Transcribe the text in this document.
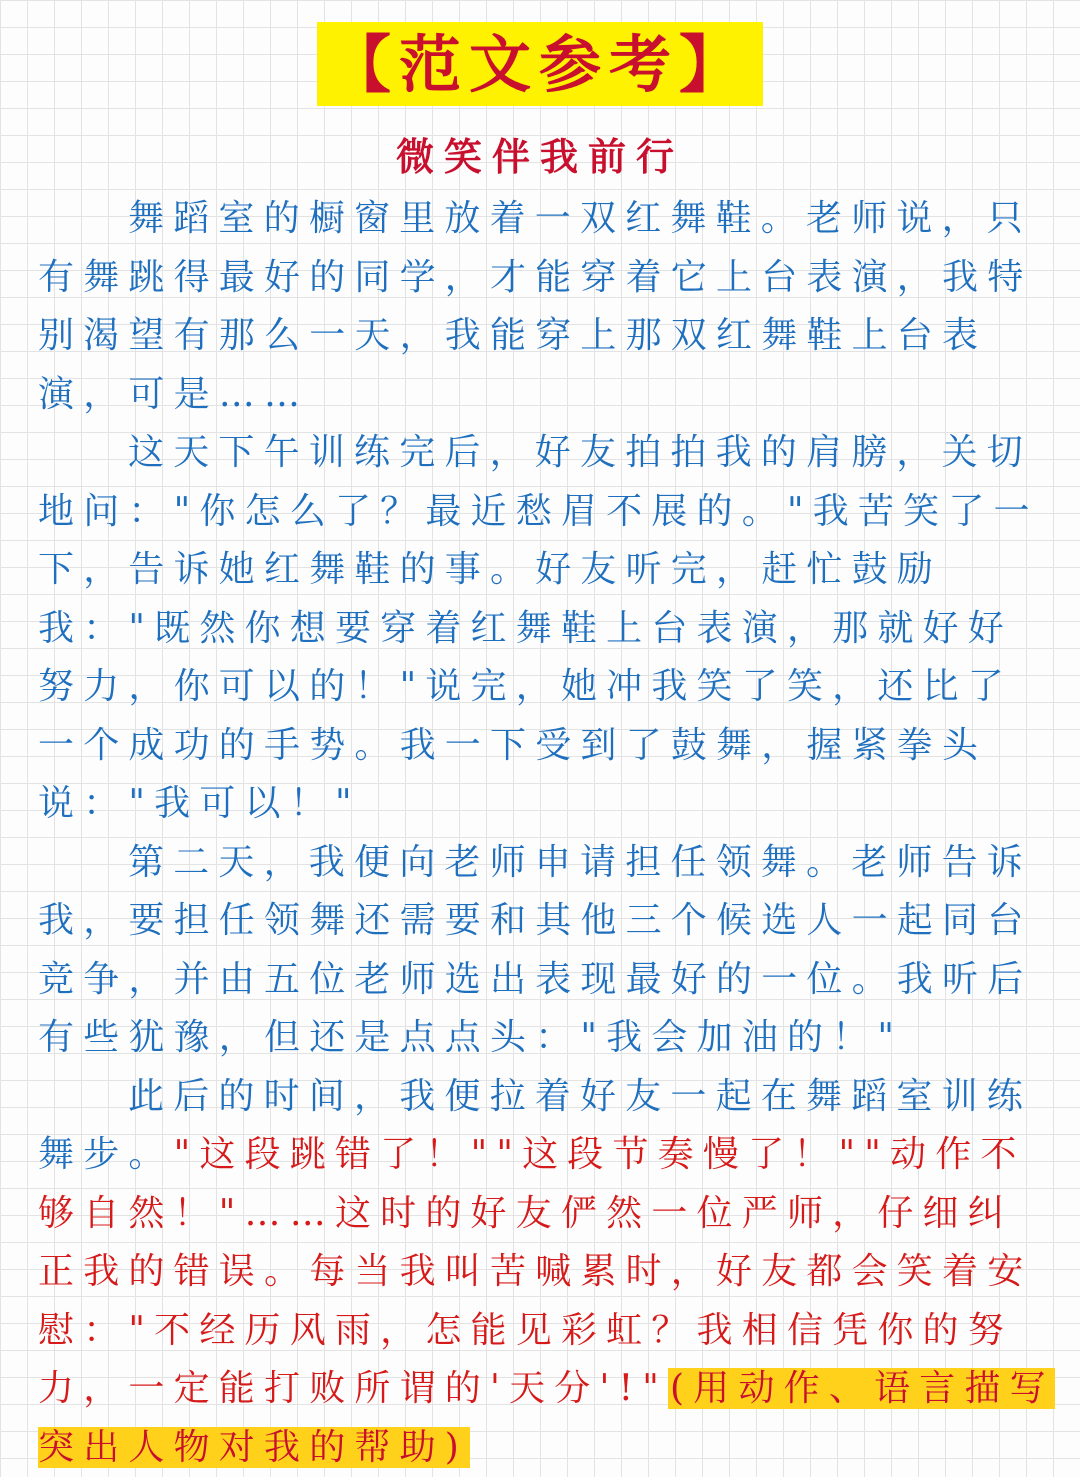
【范文参考】
微笑伴我前行

舞蹈室的橱窗里放着一双红舞鞋。老师说，只有舞跳得最好的同学，才能穿着它上台表演，我特别渴望有那么一天，我能穿上那双红舞鞋上台表演，可是……

这天下午训练完后，好友拍拍我的肩膀，关切地问："你怎么了？最近愁眉不展的。"我苦笑了一下，告诉她红舞鞋的事。好友听完，赶忙鼓励我："既然你想要穿着红舞鞋上台表演，那就好好努力，你可以的！"说完，她冲我笑了笑，还比了一个成功的手势。我一下受到了鼓舞，握紧拳头说："我可以！"

第二天，我便向老师申请担任领舞。老师告诉我，要担任领舞还需要和其他三个候选人一起同台竞争，并由五位老师选出表现最好的一位。我听后有些犹豫，但还是点点头："我会加油的！"

此后的时间，我便拉着好友一起在舞蹈室训练舞步。"这段跳错了！""这段节奏慢了！""动作不够自然！"……这时的好友俨然一位严师，仔细纠正我的错误。每当我叫苦喊累时，好友都会笑着安慰："不经历风雨，怎能见彩虹？我相信凭你的努力，一定能打败所谓的'天分'!"(用动作、语言描写突出人物对我的帮助)
